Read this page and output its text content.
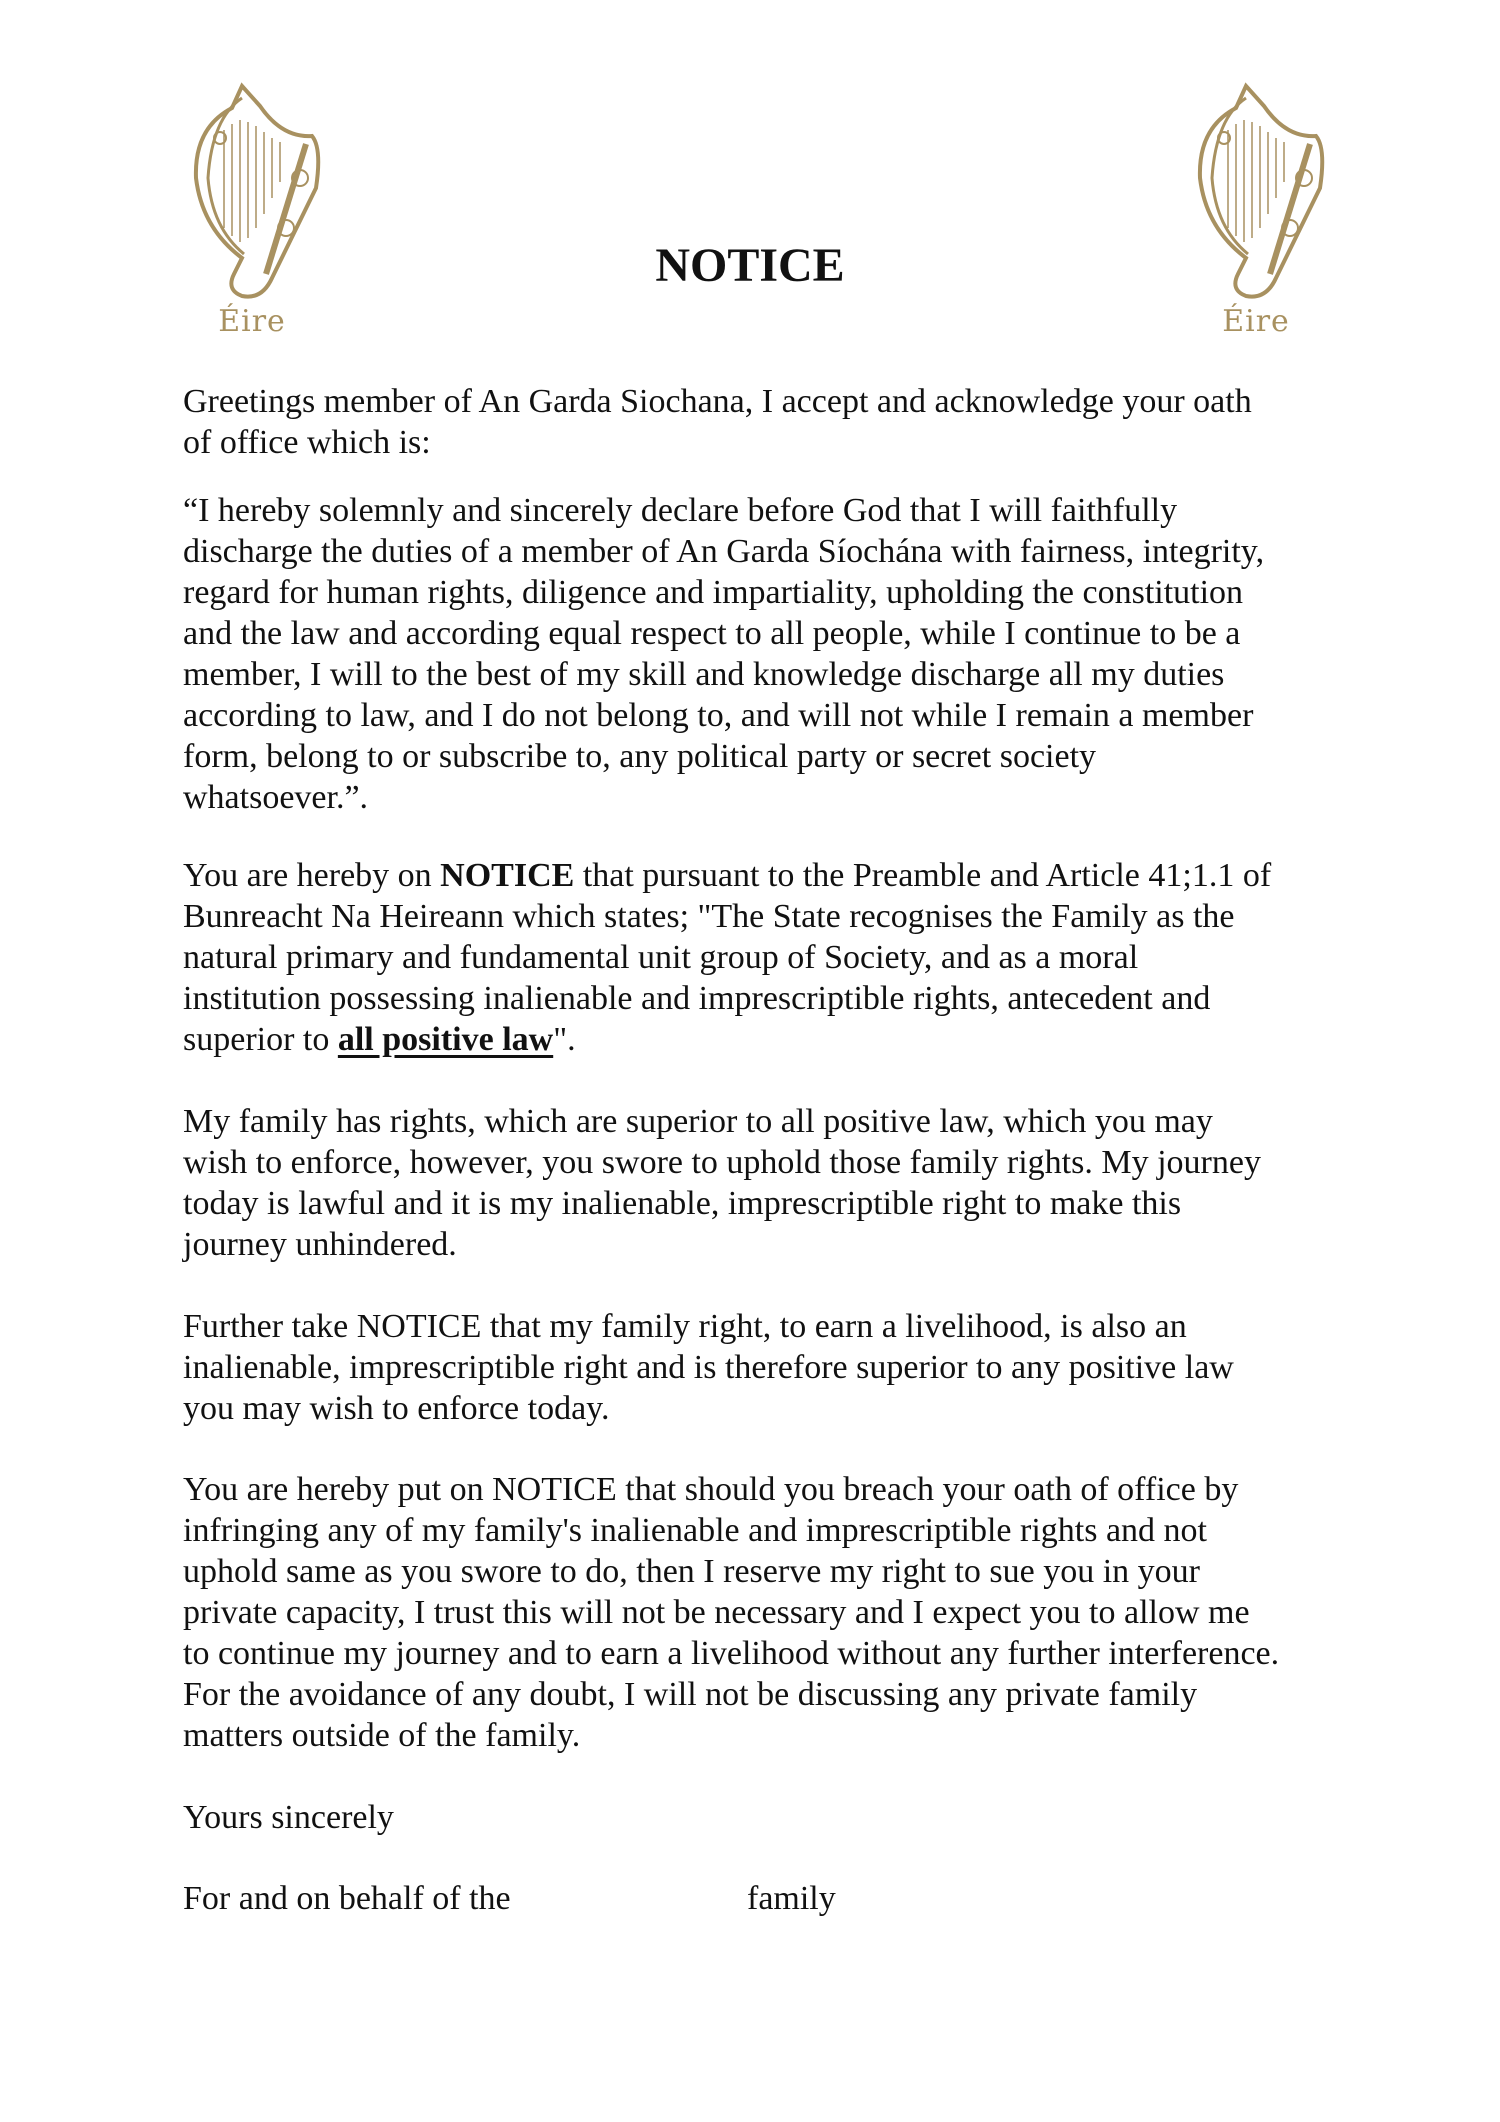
Éire	Éire
NOTICE
Greetings member of An Garda Siochana, I accept and acknowledge your oath
of office which is:
“I hereby solemnly and sincerely declare before God that I will faithfully
discharge the duties of a member of An Garda Síochána with fairness, integrity,
regard for human rights, diligence and impartiality, upholding the constitution
and the law and according equal respect to all people, while I continue to be a
member, I will to the best of my skill and knowledge discharge all my duties
according to law, and I do not belong to, and will not while I remain a member
form, belong to or subscribe to, any political party or secret society
whatsoever.”.
You are hereby on NOTICE that pursuant to the Preamble and Article 41;1.1 of
Bunreacht Na Heireann which states; "The State recognises the Family as the
natural primary and fundamental unit group of Society, and as a moral
institution possessing inalienable and imprescriptible rights, antecedent and
superior to all positive law".
My family has rights, which are superior to all positive law, which you may
wish to enforce, however, you swore to uphold those family rights. My journey
today is lawful and it is my inalienable, imprescriptible right to make this
journey unhindered.
Further take NOTICE that my family right, to earn a livelihood, is also an
inalienable, imprescriptible right and is therefore superior to any positive law
you may wish to enforce today.
You are hereby put on NOTICE that should you breach your oath of office by
infringing any of my family's inalienable and imprescriptible rights and not
uphold same as you swore to do, then I reserve my right to sue you in your
private capacity, I trust this will not be necessary and I expect you to allow me
to continue my journey and to earn a livelihood without any further interference.
For the avoidance of any doubt, I will not be discussing any private family
matters outside of the family.
Yours sincerely
For and on behalf of the	family
